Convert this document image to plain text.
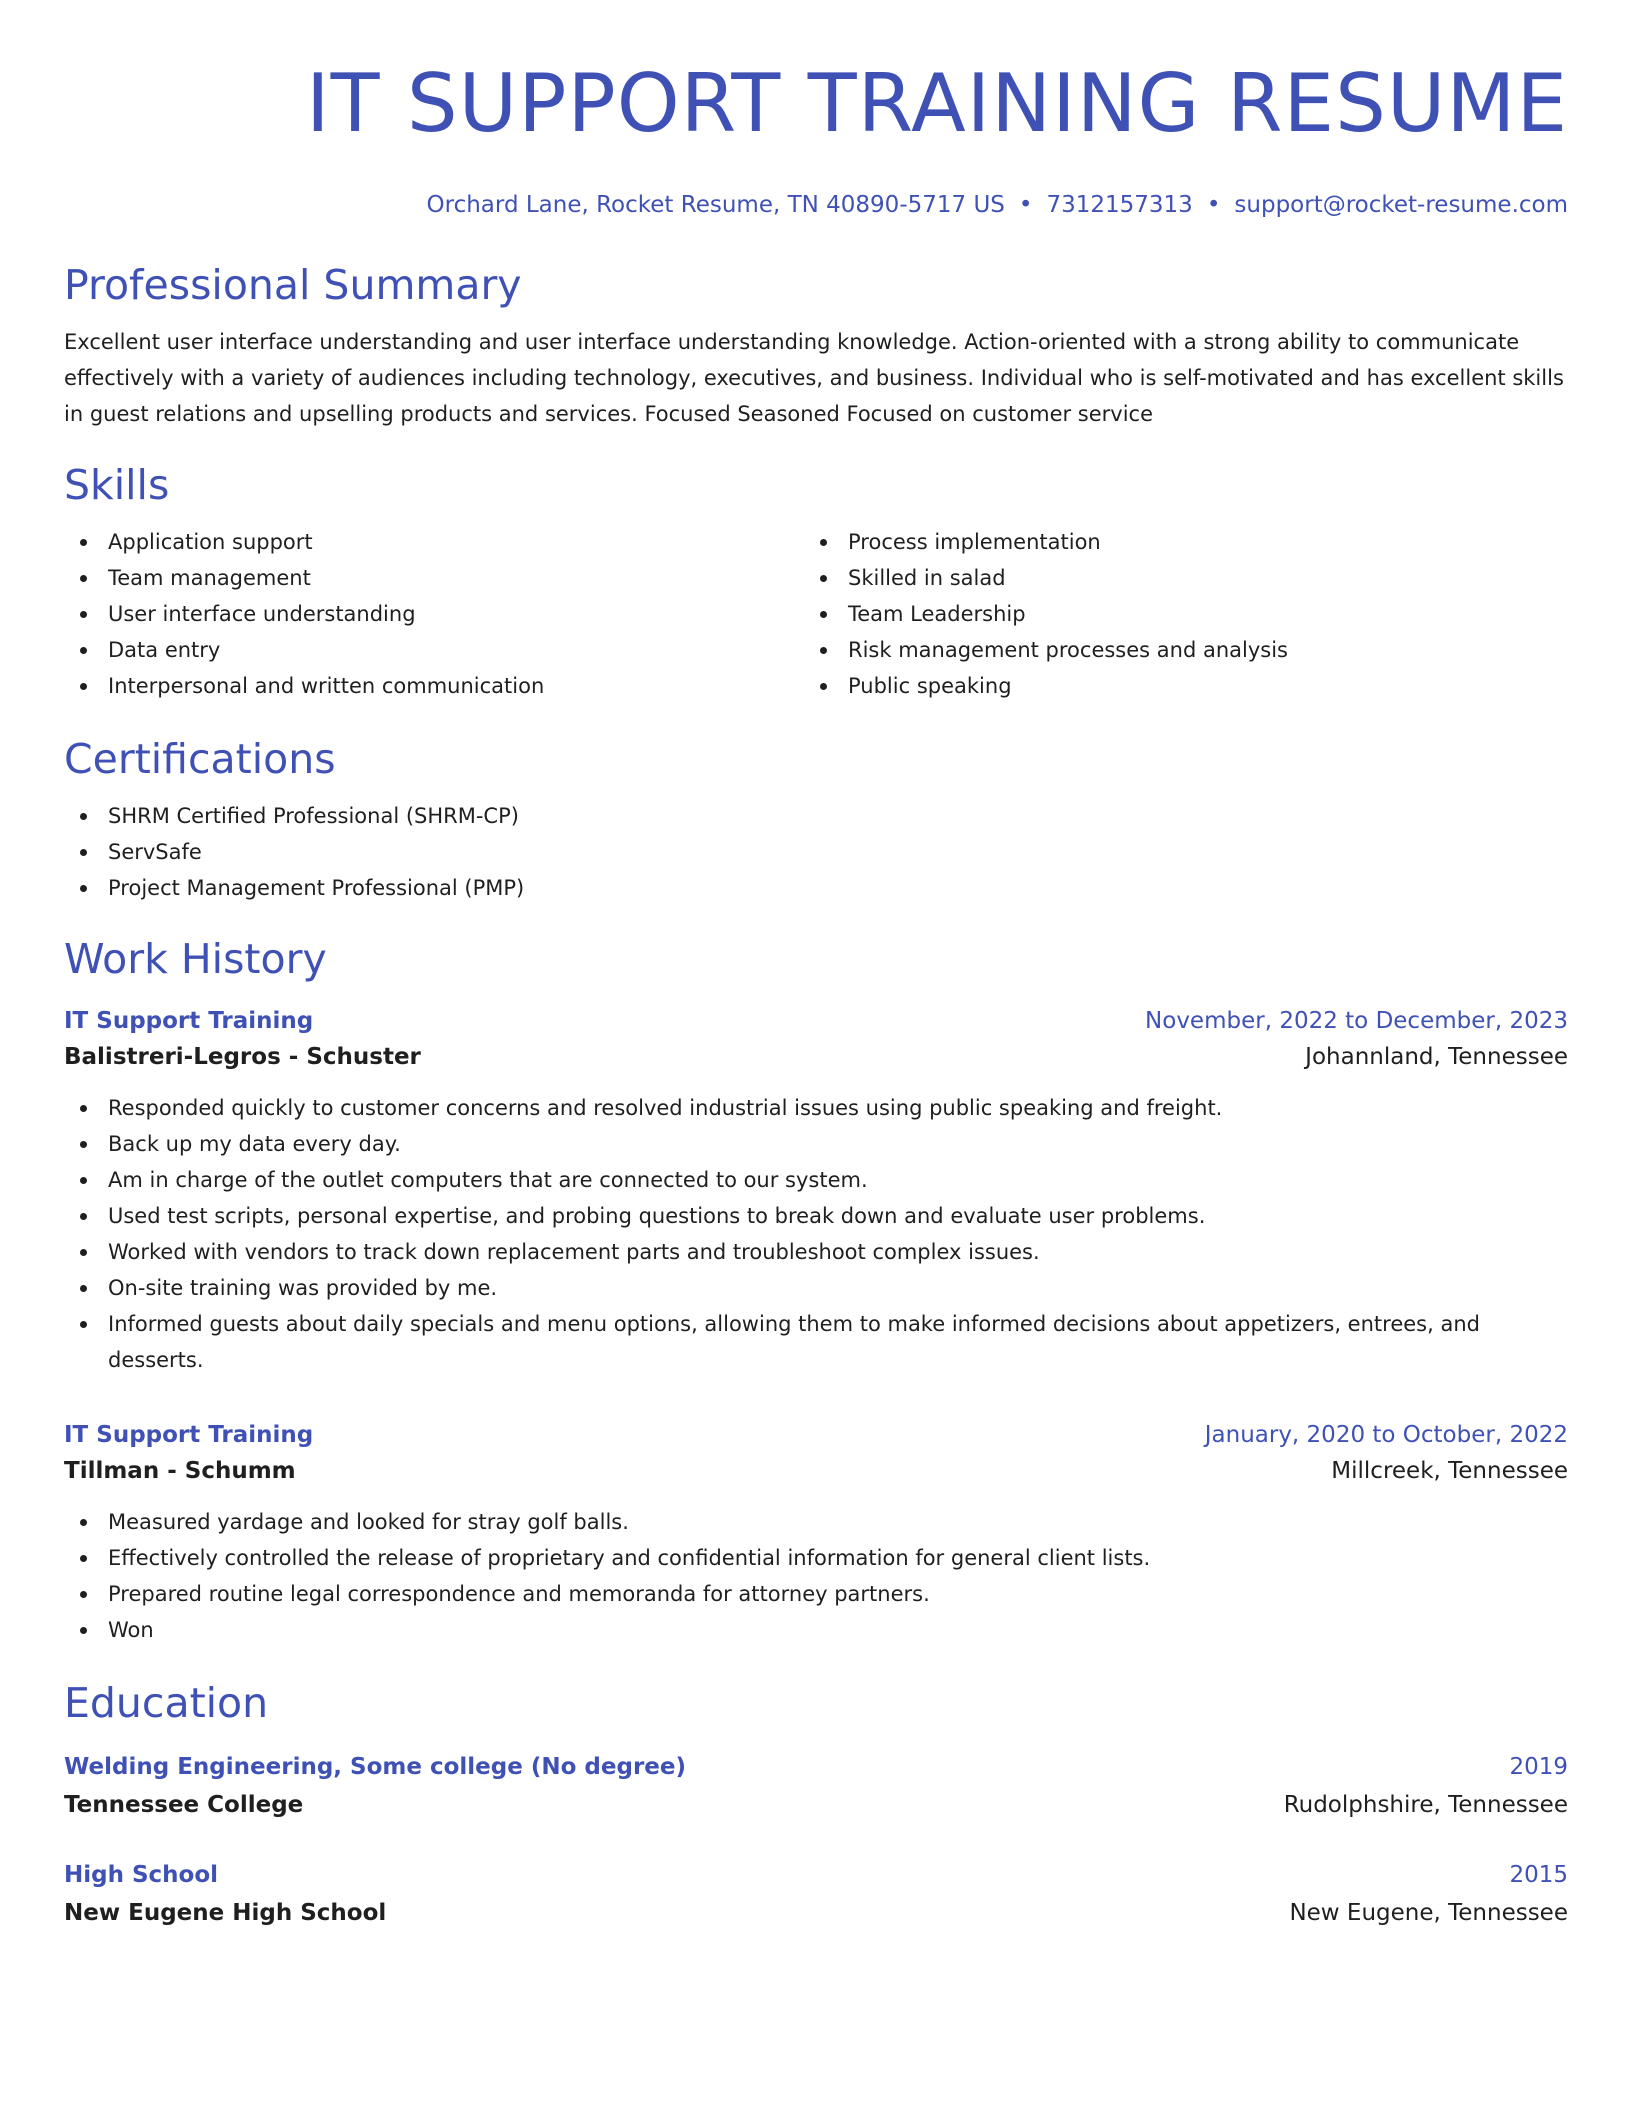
IT SUPPORT TRAINING RESUME
Orchard Lane, Rocket Resume, TN 40890-5717 US • 7312157313 • support@rocket-resume.com
Professional Summary

Excellent user interface understanding and user interface understanding knowledge. Action-oriented with a strong ability to communicate effectively with a variety of audiences including technology, executives, and business. Individual who is self-motivated and has excellent skills in guest relations and upselling products and services. Focused Seasoned Focused on customer service

Skills
Application support
Team management
User interface understanding
Data entry
Interpersonal and written communication
Process implementation
Skilled in salad
Team Leadership
Risk management processes and analysis
Public speaking
Certifications
SHRM Certified Professional (SHRM-CP)
ServSafe
Project Management Professional (PMP)
Work History
IT Support Training	November, 2022 to December, 2023
Balistreri-Legros - Schuster	Johannland, Tennessee
Responded quickly to customer concerns and resolved industrial issues using public speaking and freight.
Back up my data every day.
Am in charge of the outlet computers that are connected to our system.
Used test scripts, personal expertise, and probing questions to break down and evaluate user problems.
Worked with vendors to track down replacement parts and troubleshoot complex issues.
On-site training was provided by me.
Informed guests about daily specials and menu options, allowing them to make informed decisions about appetizers, entrees, and desserts.
IT Support Training	January, 2020 to October, 2022
Tillman - Schumm	Millcreek, Tennessee
Measured yardage and looked for stray golf balls.
Effectively controlled the release of proprietary and confidential information for general client lists.
Prepared routine legal correspondence and memoranda for attorney partners.
Won
Education
Welding Engineering, Some college (No degree)	2019
Tennessee College	Rudolphshire, Tennessee
High School	2015
New Eugene High School	New Eugene, Tennessee
